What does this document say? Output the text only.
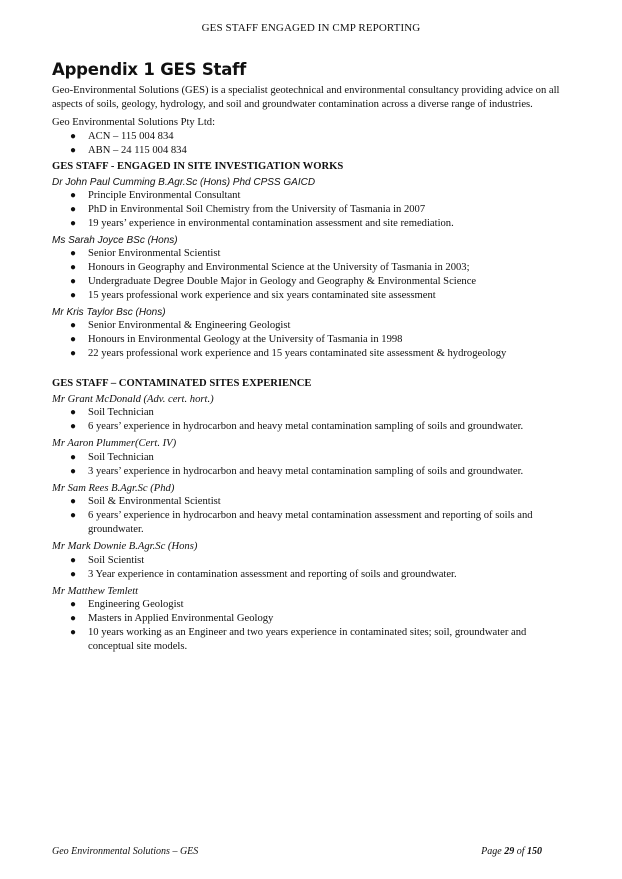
GES STAFF ENGAGED IN CMP REPORTING
Appendix 1 GES Staff

Geo-Environmental Solutions (GES) is a specialist geotechnical and environmental consultancy providing advice on all aspects of soils, geology, hydrology, and soil and groundwater contamination across a diverse range of industries.

Geo Environmental Solutions Pty Ltd:

● ACN – 115 004 834
● ABN – 24 115 004 834
GES STAFF - ENGAGED IN SITE INVESTIGATION WORKS
Dr John Paul Cumming B.Agr.Sc (Hons) Phd CPSS GAICD
● Principle Environmental Consultant
● PhD in Environmental Soil Chemistry from the University of Tasmania in 2007
● 19 years’ experience in environmental contamination assessment and site remediation.
Ms Sarah Joyce BSc (Hons)
● Senior Environmental Scientist
● Honours in Geography and Environmental Science at the University of Tasmania in 2003;
● Undergraduate Degree Double Major in Geology and Geography & Environmental Science
● 15 years professional work experience and six years contaminated site assessment
Mr Kris Taylor Bsc (Hons)
● Senior Environmental & Engineering Geologist
● Honours in Environmental Geology at the University of Tasmania in 1998
● 22 years professional work experience and 15 years contaminated site assessment & hydrogeology
GES STAFF – CONTAMINATED SITES EXPERIENCE
Mr Grant McDonald (Adv. cert. hort.)
● Soil Technician
● 6 years’ experience in hydrocarbon and heavy metal contamination sampling of soils and groundwater.
Mr Aaron Plummer(Cert. IV)
● Soil Technician
● 3 years’ experience in hydrocarbon and heavy metal contamination sampling of soils and groundwater.
Mr Sam Rees B.Agr.Sc (Phd)
● Soil & Environmental Scientist
● 6 years’ experience in hydrocarbon and heavy metal contamination assessment and reporting of soils and groundwater.
Mr Mark Downie B.Agr.Sc (Hons)
● Soil Scientist
● 3 Year experience in contamination assessment and reporting of soils and groundwater.
Mr Matthew Temlett
● Engineering Geologist
● Masters in Applied Environmental Geology
● 10 years working as an Engineer and two years experience in contaminated sites; soil, groundwater and conceptual site models.
Geo Environmental Solutions – GES	Page 29 of 150
